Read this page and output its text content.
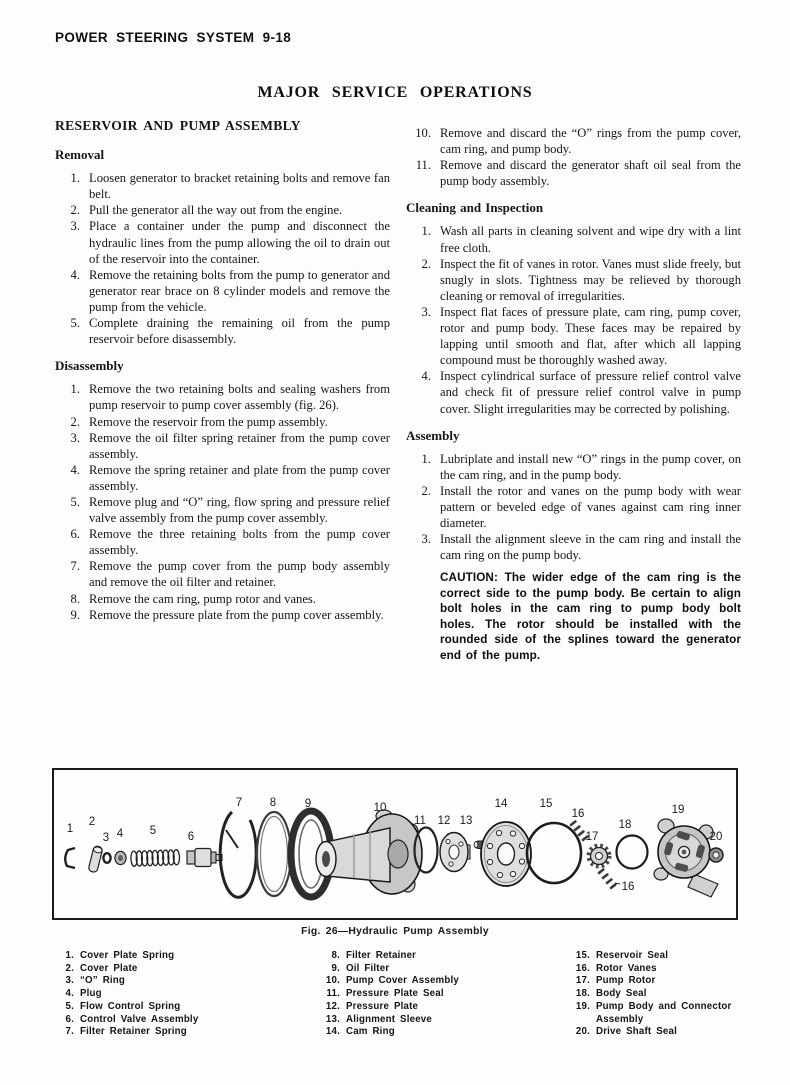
POWER STEERING SYSTEM 9-18
MAJOR SERVICE OPERATIONS
RESERVOIR AND PUMP ASSEMBLY
Removal
1. Loosen generator to bracket retaining bolts and remove fan belt.
2. Pull the generator all the way out from the engine.
3. Place a container under the pump and disconnect the hydraulic lines from the pump allowing the oil to drain out of the reservoir into the container.
4. Remove the retaining bolts from the pump to generator and generator rear brace on 8 cylinder models and remove the pump from the vehicle.
5. Complete draining the remaining oil from the pump reservoir before disassembly.
Disassembly
1. Remove the two retaining bolts and sealing washers from pump reservoir to pump cover assembly (fig. 26).
2. Remove the reservoir from the pump assembly.
3. Remove the oil filter spring retainer from the pump cover assembly.
4. Remove the spring retainer and plate from the pump cover assembly.
5. Remove plug and “O” ring, flow spring and pressure relief valve assembly from the pump cover assembly.
6. Remove the three retaining bolts from the pump cover assembly.
7. Remove the pump cover from the pump body assembly and remove the oil filter and retainer.
8. Remove the cam ring, pump rotor and vanes.
9. Remove the pressure plate from the pump cover assembly.
10. Remove and discard the “O” rings from the pump cover, cam ring, and pump body.
11. Remove and discard the generator shaft oil seal from the pump body assembly.
Cleaning and Inspection
1. Wash all parts in cleaning solvent and wipe dry with a lint free cloth.
2. Inspect the fit of vanes in rotor. Vanes must slide freely, but snugly in slots. Tightness may be relieved by thorough cleaning or removal of irregularities.
3. Inspect flat faces of pressure plate, cam ring, pump cover, rotor and pump body. These faces may be repaired by lapping until smooth and flat, after which all lapping compound must be thoroughly washed away.
4. Inspect cylindrical surface of pressure relief control valve and check fit of pressure relief control valve in pump cover. Slight irregularities may be corrected by polishing.
Assembly
1. Lubriplate and install new “O” rings in the pump cover, on the cam ring, and in the pump body.
2. Install the rotor and vanes on the pump body with wear pattern or beveled edge of vanes against cam ring inner diameter.
3. Install the alignment sleeve in the cam ring and install the cam ring on the pump body.
CAUTION: The wider edge of the cam ring is the correct side to the pump body. Be certain to align bolt holes in the cam ring to pump body bolt holes. The rotor should be installed with the rounded side of the splines toward the generator end of the pump.
1
2
3 4 5	6
7 8 9	10
11 12 13
14	15
16
17
18
19
20
16
Fig. 26—Hydraulic Pump Assembly
1. Cover Plate Spring
2. Cover Plate
3. “O” Ring
4. Plug
5. Flow Control Spring
6. Control Valve Assembly
7. Filter Retainer Spring
8. Filter Retainer
9. Oil Filter
10. Pump Cover Assembly
11. Pressure Plate Seal
12. Pressure Plate
13. Alignment Sleeve
14. Cam Ring
15. Reservoir Seal
16. Rotor Vanes
17. Pump Rotor
18. Body Seal
19. Pump Body and Connector Assembly
20. Drive Shaft Seal
